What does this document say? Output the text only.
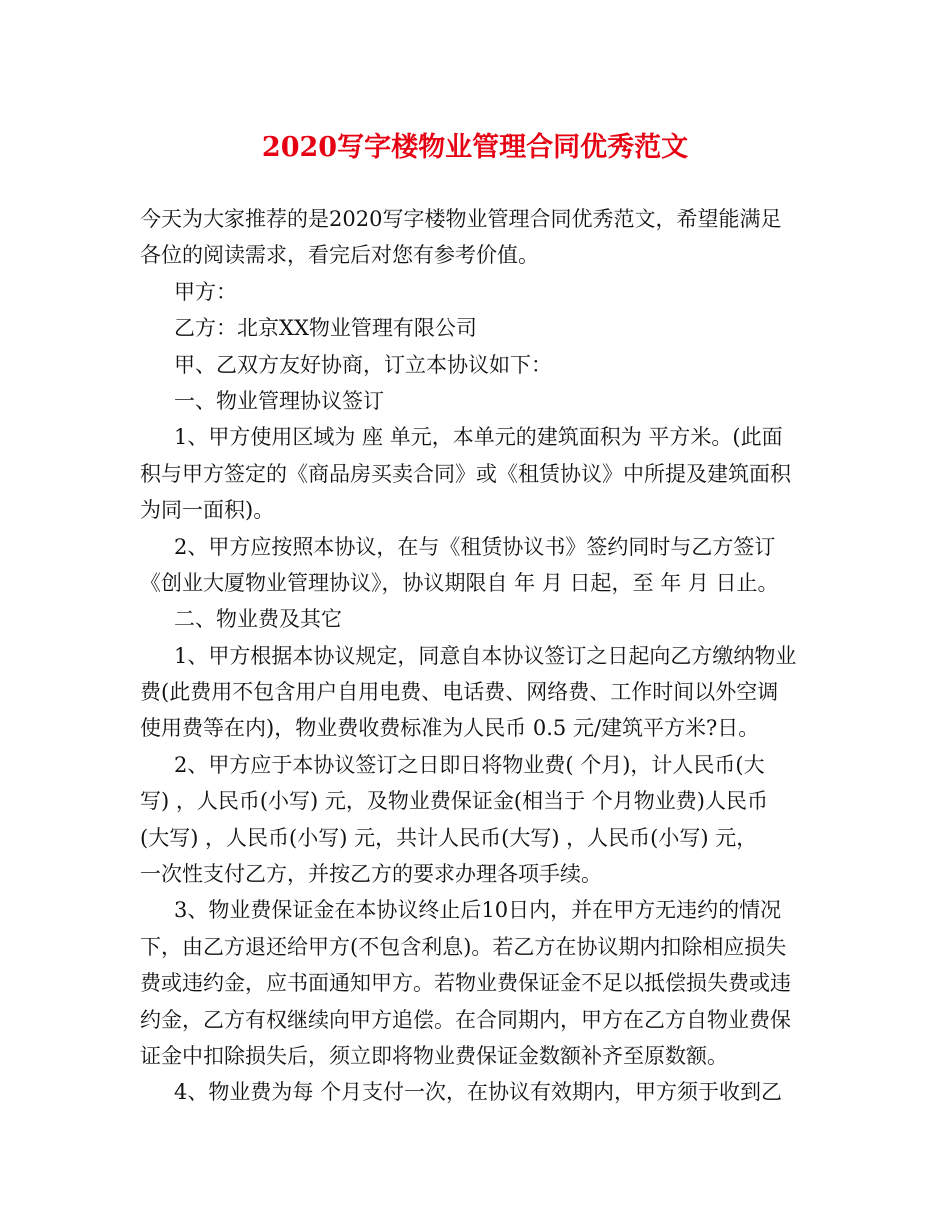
2020写字楼物业管理合同优秀范文
今天为大家推荐的是2020写字楼物业管理合同优秀范文，希望能满足
各位的阅读需求，看完后对您有参考价值。
甲方：
乙方：北京XX物业管理有限公司
甲、乙双方友好协商，订立本协议如下：
一、物业管理协议签订
1、甲方使用区域为 座 单元，本单元的建筑面积为 平方米。(此面
积与甲方签定的《商品房买卖合同》或《租赁协议》中所提及建筑面积
为同一面积)。
2、甲方应按照本协议，在与《租赁协议书》签约同时与乙方签订
《创业大厦物业管理协议》，协议期限自 年 月 日起，至 年 月 日止。
二、物业费及其它
1、甲方根据本协议规定，同意自本协议签订之日起向乙方缴纳物业
费(此费用不包含用户自用电费、电话费、网络费、工作时间以外空调
使用费等在内)，物业费收费标准为人民币 0.5 元/建筑平方米?日。
2、甲方应于本协议签订之日即日将物业费( 个月)，计人民币(大
写) ，人民币(小写) 元，及物业费保证金(相当于 个月物业费)人民币
(大写) ，人民币(小写) 元，共计人民币(大写) ，人民币(小写) 元，
一次性支付乙方，并按乙方的要求办理各项手续。
3、物业费保证金在本协议终止后10日内，并在甲方无违约的情况
下，由乙方退还给甲方(不包含利息)。若乙方在协议期内扣除相应损失
费或违约金，应书面通知甲方。若物业费保证金不足以抵偿损失费或违
约金，乙方有权继续向甲方追偿。在合同期内，甲方在乙方自物业费保
证金中扣除损失后，须立即将物业费保证金数额补齐至原数额。
4、物业费为每 个月支付一次，在协议有效期内，甲方须于收到乙
